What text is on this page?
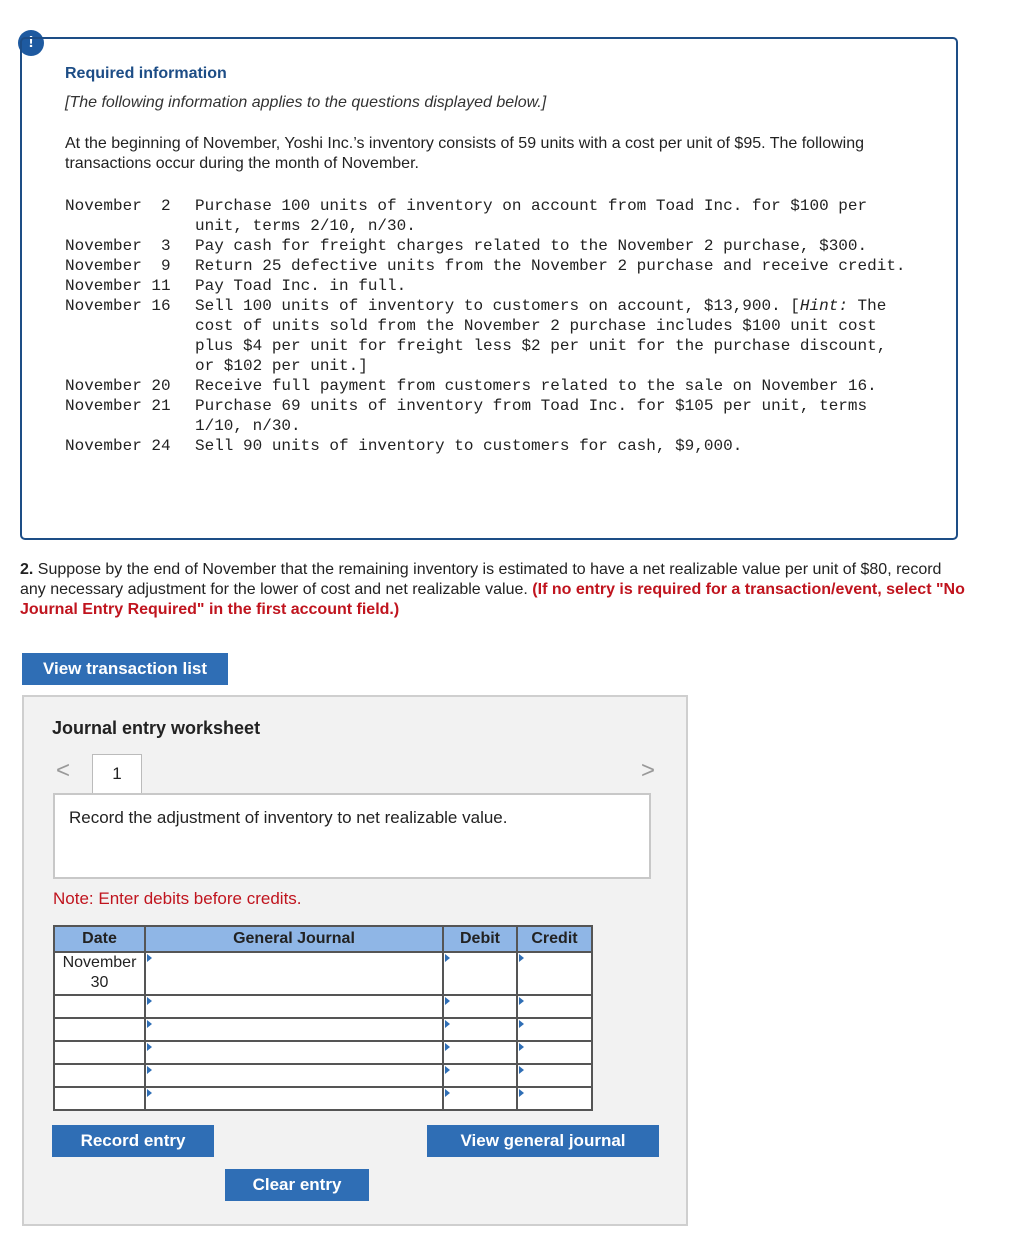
!
Required information
[The following information applies to the questions displayed below.]
At the beginning of November, Yoshi Inc.’s inventory consists of 59 units with a cost per unit of $95. The following transactions occur during the month of November.
November  2	Purchase 100 units of inventory on account from Toad Inc. for $100 per unit, terms 2/10, n/30.
November  3	Pay cash for freight charges related to the November 2 purchase, $300.
November  9	Return 25 defective units from the November 2 purchase and receive credit.
November 11	Pay Toad Inc. in full.
November 16	Sell 100 units of inventory to customers on account, $13,900. [Hint: The cost of units sold from the November 2 purchase includes $100 unit cost plus $4 per unit for freight less $2 per unit for the purchase discount, or $102 per unit.]
November 20	Receive full payment from customers related to the sale on November 16.
November 21	Purchase 69 units of inventory from Toad Inc. for $105 per unit, terms 1/10, n/30.
November 24	Sell 90 units of inventory to customers for cash, $9,000.
2. Suppose by the end of November that the remaining inventory is estimated to have a net realizable value per unit of $80, record any necessary adjustment for the lower of cost and net realizable value. (If no entry is required for a transaction/event, select "No Journal Entry Required" in the first account field.)
View transaction list
Journal entry worksheet
<	>
1
Record the adjustment of inventory to net realizable value.
Note: Enter debits before credits.
Date	General Journal	Debit	Credit
November 30	

Record entry	View general journal
Clear entry
